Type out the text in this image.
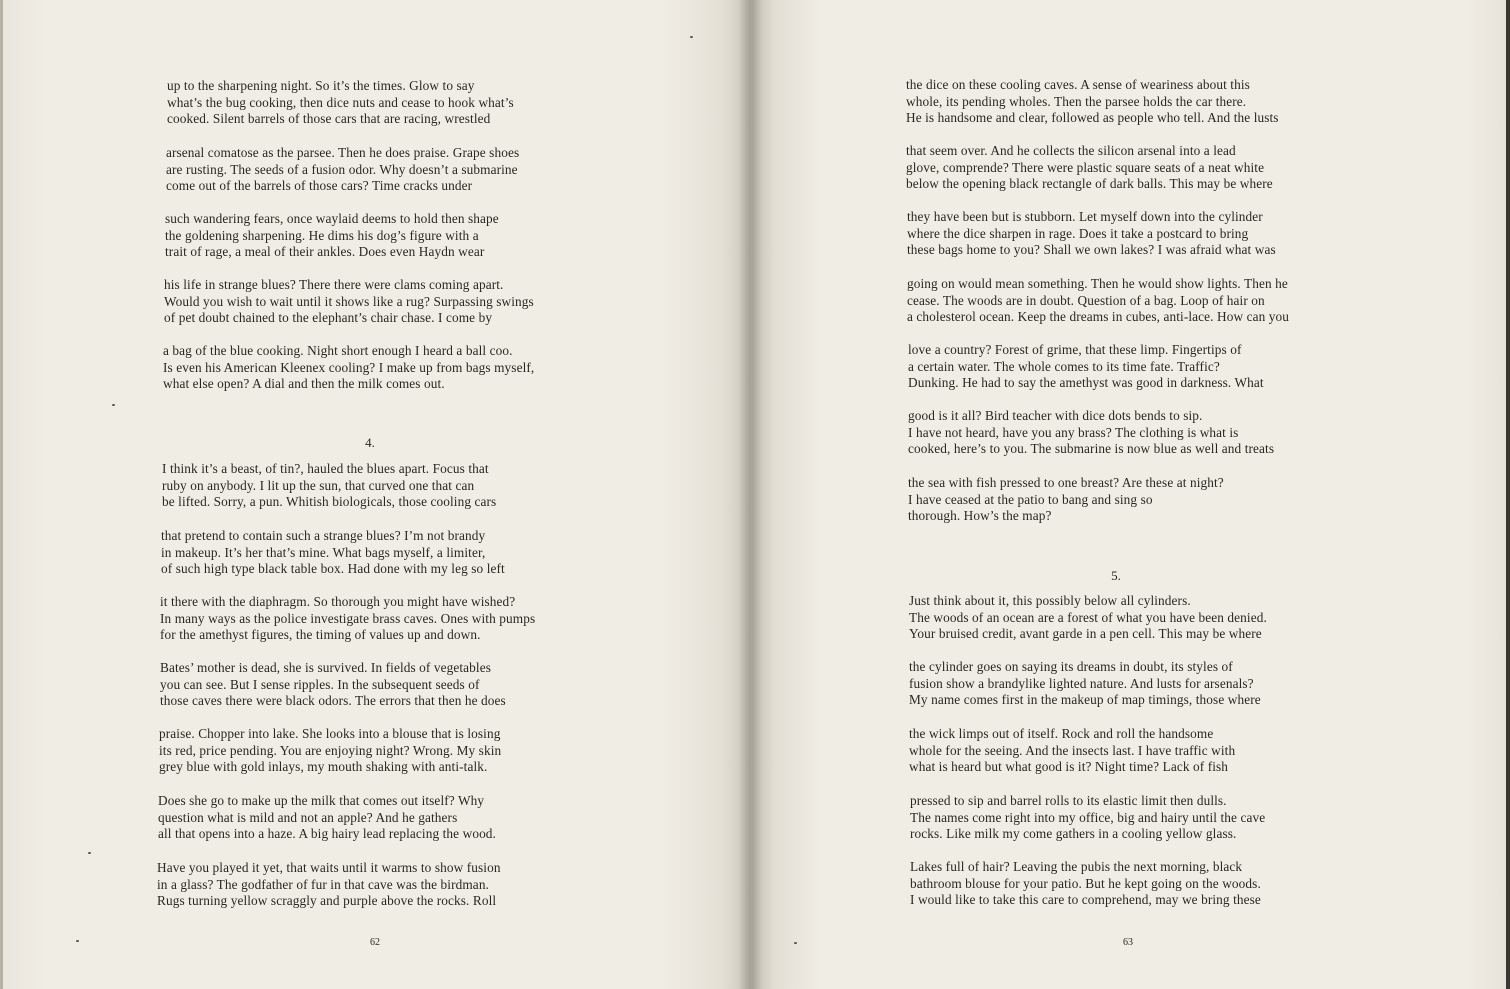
up to the sharpening night. So it’s the times. Glow to say
what’s the bug cooking, then dice nuts and cease to hook what’s
cooked. Silent barrels of those cars that are racing, wrestled
arsenal comatose as the parsee. Then he does praise. Grape shoes
are rusting. The seeds of a fusion odor. Why doesn’t a submarine
come out of the barrels of those cars? Time cracks under
such wandering fears, once waylaid deems to hold then shape
the goldening sharpening. He dims his dog’s figure with a
trait of rage, a meal of their ankles. Does even Haydn wear
his life in strange blues? There there were clams coming apart.
Would you wish to wait until it shows like a rug? Surpassing swings
of pet doubt chained to the elephant’s chair chase. I come by
a bag of the blue cooking. Night short enough I heard a ball coo.
Is even his American Kleenex cooling? I make up from bags myself,
what else open? A dial and then the milk comes out.
4.
I think it’s a beast, of tin?, hauled the blues apart. Focus that
ruby on anybody. I lit up the sun, that curved one that can
be lifted. Sorry, a pun. Whitish biologicals, those cooling cars
that pretend to contain such a strange blues? I’m not brandy
in makeup. It’s her that’s mine. What bags myself, a limiter,
of such high type black table box. Had done with my leg so left
it there with the diaphragm. So thorough you might have wished?
In many ways as the police investigate brass caves. Ones with pumps
for the amethyst figures, the timing of values up and down.
Bates’ mother is dead, she is survived. In fields of vegetables
you can see. But I sense ripples. In the subsequent seeds of
those caves there were black odors. The errors that then he does
praise. Chopper into lake. She looks into a blouse that is losing
its red, price pending. You are enjoying night? Wrong. My skin
grey blue with gold inlays, my mouth shaking with anti-talk.
Does she go to make up the milk that comes out itself? Why
question what is mild and not an apple? And he gathers
all that opens into a haze. A big hairy lead replacing the wood.
Have you played it yet, that waits until it warms to show fusion
in a glass? The godfather of fur in that cave was the birdman.
Rugs turning yellow scraggly and purple above the rocks. Roll
62
the dice on these cooling caves. A sense of weariness about this
whole, its pending wholes. Then the parsee holds the car there.
He is handsome and clear, followed as people who tell. And the lusts
that seem over. And he collects the silicon arsenal into a lead
glove, comprende? There were plastic square seats of a neat white
below the opening black rectangle of dark balls. This may be where
they have been but is stubborn. Let myself down into the cylinder
where the dice sharpen in rage. Does it take a postcard to bring
these bags home to you? Shall we own lakes? I was afraid what was
going on would mean something. Then he would show lights. Then he
cease. The woods are in doubt. Question of a bag. Loop of hair on
a cholesterol ocean. Keep the dreams in cubes, anti-lace. How can you
love a country? Forest of grime, that these limp. Fingertips of
a certain water. The whole comes to its time fate. Traffic?
Dunking. He had to say the amethyst was good in darkness. What
good is it all? Bird teacher with dice dots bends to sip.
I have not heard, have you any brass? The clothing is what is
cooked, here’s to you. The submarine is now blue as well and treats
the sea with fish pressed to one breast? Are these at night?
I have ceased at the patio to bang and sing so
thorough. How’s the map?
5.
Just think about it, this possibly below all cylinders.
The woods of an ocean are a forest of what you have been denied.
Your bruised credit, avant garde in a pen cell. This may be where
the cylinder goes on saying its dreams in doubt, its styles of
fusion show a brandylike lighted nature. And lusts for arsenals?
My name comes first in the makeup of map timings, those where
the wick limps out of itself. Rock and roll the handsome
whole for the seeing. And the insects last. I have traffic with
what is heard but what good is it? Night time? Lack of fish
pressed to sip and barrel rolls to its elastic limit then dulls.
The names come right into my office, big and hairy until the cave
rocks. Like milk my come gathers in a cooling yellow glass.
Lakes full of hair? Leaving the pubis the next morning, black
bathroom blouse for your patio. But he kept going on the woods.
I would like to take this care to comprehend, may we bring these
63
